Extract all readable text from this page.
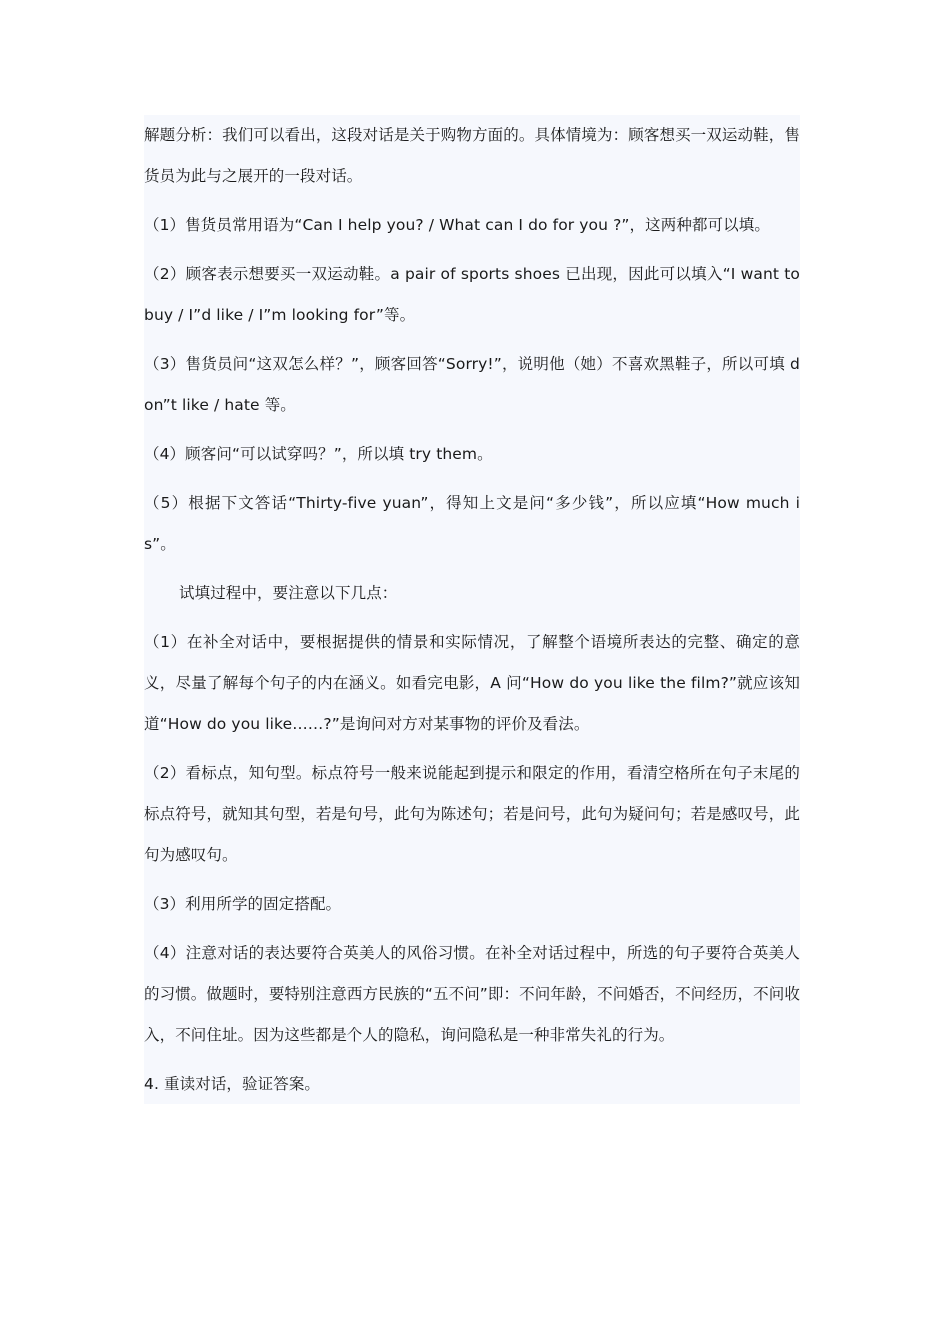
解题分析：我们可以看出，这段对话是关于购物方面的。具体情境为：顾客想买一双运动鞋，售货员为此与之展开的一段对话。

（1）售货员常用语为“Can I help you? / What can I do for you ?”，这两种都可以填。

（2）顾客表示想要买一双运动鞋。a pair of sports shoes 已出现，因此可以填入“I want to buy / I”d like / I”m looking for”等。

（3）售货员问“这双怎么样？”，顾客回答“Sorry!”，说明他（她）不喜欢黑鞋子，所以可填 don”t like / hate 等。

（4）顾客问“可以试穿吗？”，所以填 try them。

（5）根据下文答话“Thirty-five yuan”，得知上文是问“多少钱”，所以应填“How much is”。

试填过程中，要注意以下几点：

（1）在补全对话中，要根据提供的情景和实际情况，了解整个语境所表达的完整、确定的意义，尽量了解每个句子的内在涵义。如看完电影，A 问“How do you like the film?”就应该知道“How do you like……?”是询问对方对某事物的评价及看法。

（2）看标点，知句型。标点符号一般来说能起到提示和限定的作用，看清空格所在句子末尾的标点符号，就知其句型，若是句号，此句为陈述句；若是问号，此句为疑问句；若是感叹号，此句为感叹句。

（3）利用所学的固定搭配。

（4）注意对话的表达要符合英美人的风俗习惯。在补全对话过程中，所选的句子要符合英美人的习惯。做题时，要特别注意西方民族的“五不问”即：不问年龄，不问婚否，不问经历，不问收入，不问住址。因为这些都是个人的隐私，询问隐私是一种非常失礼的行为。

4. 重读对话，验证答案。
